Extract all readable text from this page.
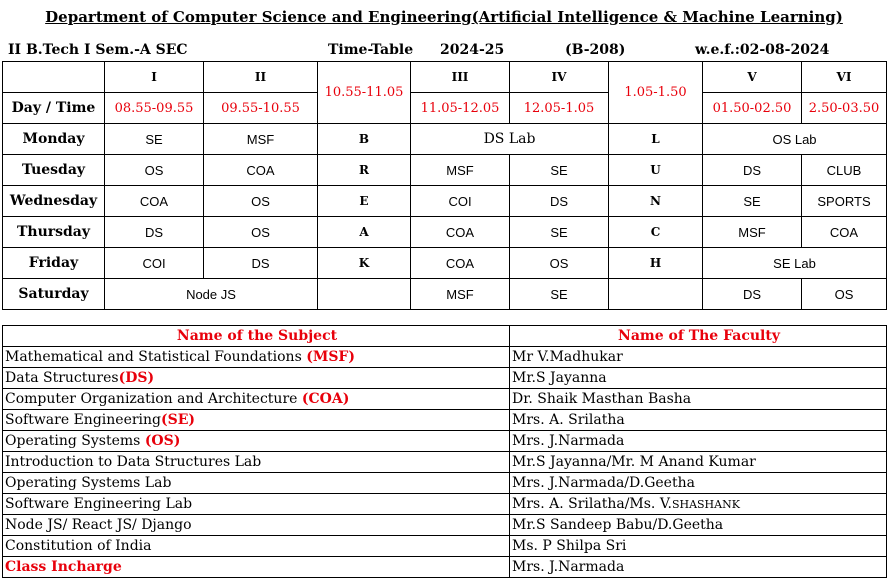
Department of Computer Science and Engineering(Artificial Intelligence & Machine Learning)
II B.Tech I Sem.-A SEC	Time-Table 2024-25	(B-208)	w.e.f.:02-08-2024
	I	II	10.55-11.05	III	IV	1.05-1.50	V	VI
Day / Time	08.55-09.55	09.55-10.55		11.05-12.05	12.05-1.05		01.50-02.50	2.50-03.50
Monday	SE	MSF	B	DS Lab		L	OS Lab	
Tuesday	OS	COA	R	MSF	SE	U	DS	CLUB
Wednesday	COA	OS	E	COI	DS	N	SE	SPORTS
Thursday	DS	OS	A	COA	SE	C	MSF	COA
Friday	COI	DS	K	COA	OS	H	SE Lab	
Saturday	Node JS			MSF	SE		DS	OS
Name of the Subject	Name of The Faculty
Mathematical and Statistical Foundations (MSF)	Mr V.Madhukar
Data Structures(DS)	Mr.S Jayanna
Computer Organization and Architecture (COA)	Dr. Shaik Masthan Basha
Software Engineering(SE)	Mrs. A. Srilatha
Operating Systems (OS)	Mrs. J.Narmada
Introduction to Data Structures Lab	Mr.S Jayanna/Mr. M Anand Kumar
Operating Systems Lab	Mrs. J.Narmada/D.Geetha
Software Engineering Lab	Mrs. A. Srilatha/Ms. V.SHASHANK
Node JS/ React JS/ Django	Mr.S Sandeep Babu/D.Geetha
Constitution of India	Ms. P Shilpa Sri
Class Incharge	Mrs. J.Narmada
